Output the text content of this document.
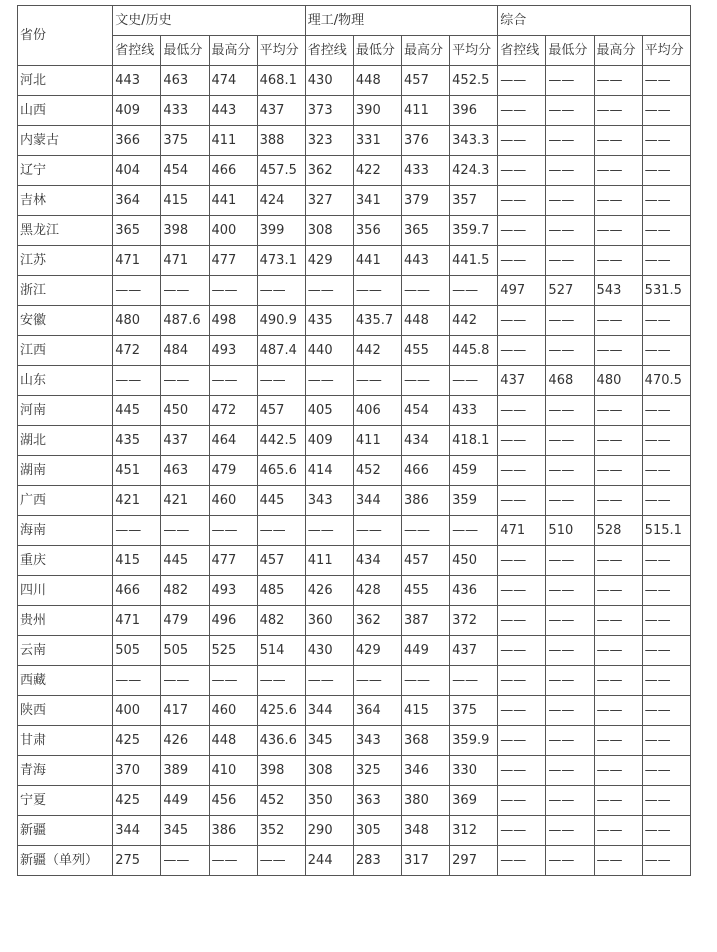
省份	文史/历史				理工/物理				综合			
	省控线	最低分	最高分	平均分	省控线	最低分	最高分	平均分	省控线	最低分	最高分	平均分
河北	443	463	474	468.1	430	448	457	452.5	——	——	——	——
山西	409	433	443	437	373	390	411	396	——	——	——	——
内蒙古	366	375	411	388	323	331	376	343.3	——	——	——	——
辽宁	404	454	466	457.5	362	422	433	424.3	——	——	——	——
吉林	364	415	441	424	327	341	379	357	——	——	——	——
黑龙江	365	398	400	399	308	356	365	359.7	——	——	——	——
江苏	471	471	477	473.1	429	441	443	441.5	——	——	——	——
浙江	——	——	——	——	——	——	——	——	497	527	543	531.5
安徽	480	487.6	498	490.9	435	435.7	448	442	——	——	——	——
江西	472	484	493	487.4	440	442	455	445.8	——	——	——	——
山东	——	——	——	——	——	——	——	——	437	468	480	470.5
河南	445	450	472	457	405	406	454	433	——	——	——	——
湖北	435	437	464	442.5	409	411	434	418.1	——	——	——	——
湖南	451	463	479	465.6	414	452	466	459	——	——	——	——
广西	421	421	460	445	343	344	386	359	——	——	——	——
海南	——	——	——	——	——	——	——	——	471	510	528	515.1
重庆	415	445	477	457	411	434	457	450	——	——	——	——
四川	466	482	493	485	426	428	455	436	——	——	——	——
贵州	471	479	496	482	360	362	387	372	——	——	——	——
云南	505	505	525	514	430	429	449	437	——	——	——	——
西藏	——	——	——	——	——	——	——	——	——	——	——	——
陕西	400	417	460	425.6	344	364	415	375	——	——	——	——
甘肃	425	426	448	436.6	345	343	368	359.9	——	——	——	——
青海	370	389	410	398	308	325	346	330	——	——	——	——
宁夏	425	449	456	452	350	363	380	369	——	——	——	——
新疆	344	345	386	352	290	305	348	312	——	——	——	——
新疆（单列）	275	——	——	——	244	283	317	297	——	——	——	——
